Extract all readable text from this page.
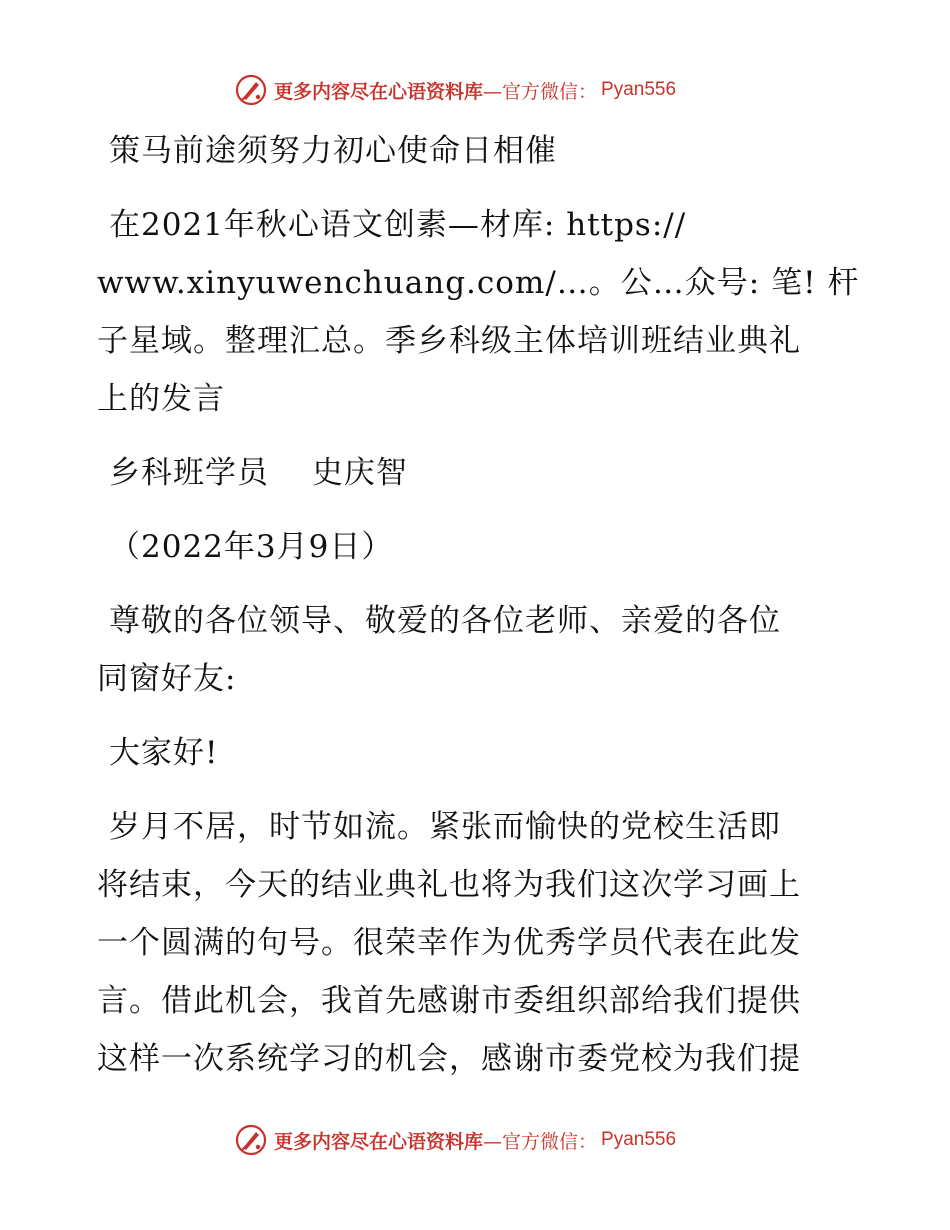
更多内容尽在心语资料库 —官方微信： Pyan556
策马前途须努力初心使命日相催
在2021年秋心语文创素—材库: https://
www.xinyuwenchuang.com/…。公…众号: 笔! 杆
子星域。整理汇总。季乡科级主体培训班结业典礼
上的发言
乡科班学员　 史庆智
（2022年3月9日）
尊敬的各位领导、敬爱的各位老师、亲爱的各位
同窗好友:
大家好!
岁月不居，时节如流。紧张而愉快的党校生活即
将结束，今天的结业典礼也将为我们这次学习画上
一个圆满的句号。很荣幸作为优秀学员代表在此发
言。借此机会，我首先感谢市委组织部给我们提供
这样一次系统学习的机会，感谢市委党校为我们提
更多内容尽在心语资料库 —官方微信： Pyan556
